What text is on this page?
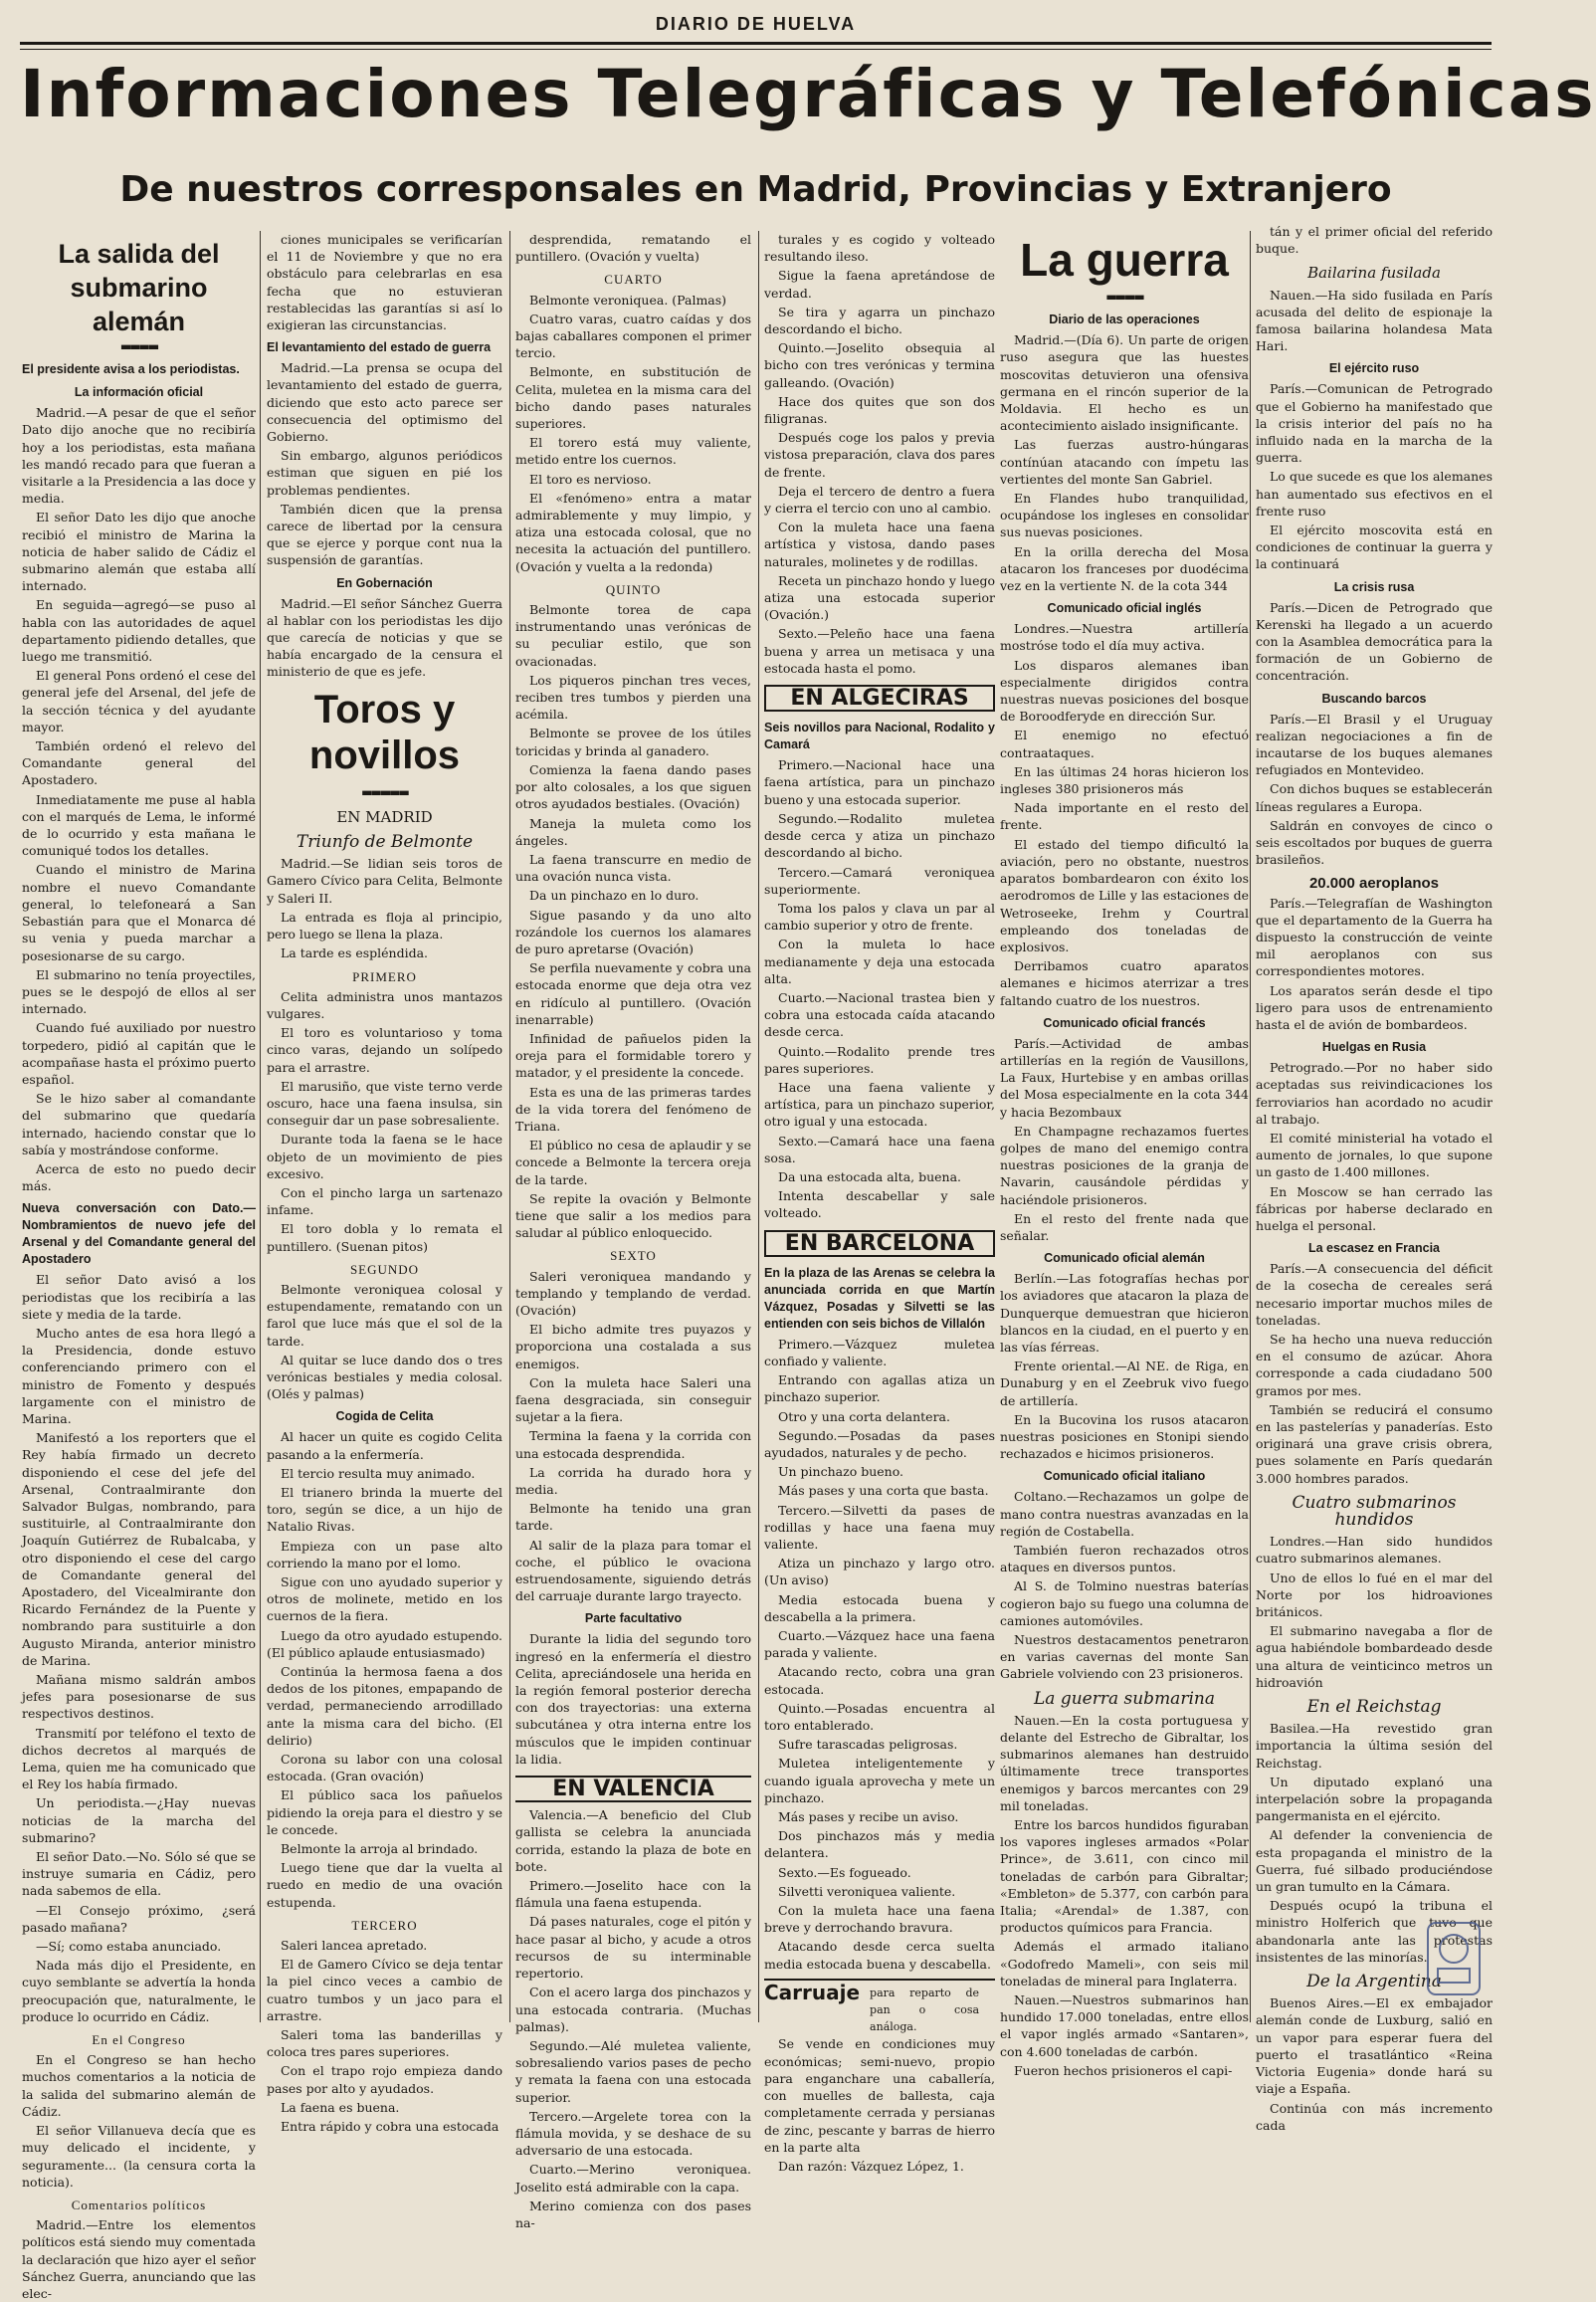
DIARIO DE HUELVA
Informaciones Telegráficas y Telefónicas
De nuestros corresponsales en Madrid, Provincias y Extranjero
La salida del submarino alemán
▬▬▬▬
El presidente avisa a los periodistas.
La información oficial

Madrid.—A pesar de que el señor Dato dijo anoche que no recibiría hoy a los periodistas, esta mañana les mandó recado para que fueran a visitarle a la Presidencia a las doce y media.

El señor Dato les dijo que anoche recibió el ministro de Marina la noticia de haber salido de Cádiz el submarino alemán que estaba allí internado.

En seguida—agregó—se puso al habla con las autoridades de aquel departamento pidiendo detalles, que luego me transmitió.

El general Pons ordenó el cese del general jefe del Arsenal, del jefe de la sección técnica y del ayudante mayor.

También ordenó el relevo del Comandante general del Apostadero.

Inmediatamente me puse al habla con el marqués de Lema, le informé de lo ocurrido y esta mañana le comuniqué todos los detalles.

Cuando el ministro de Marina nombre el nuevo Comandante general, lo telefoneará a San Sebastián para que el Monarca dé su venia y pueda marchar a posesionarse de su cargo.

El submarino no tenía proyectiles, pues se le despojó de ellos al ser internado.

Cuando fué auxiliado por nuestro torpedero, pidió al capitán que le acompañase hasta el próximo puerto español.

Se le hizo saber al comandante del submarino que quedaría internado, haciendo constar que lo sabía y mostrándose conforme.

Acerca de esto no puedo decir más.

Nueva conversación con Dato.—Nombramientos de nuevo jefe del Arsenal y del Comandante general del Apostadero

El señor Dato avisó a los periodistas que los recibiría a las siete y media de la tarde.

Mucho antes de esa hora llegó a la Presidencia, donde estuvo conferenciando primero con el ministro de Fomento y después largamente con el ministro de Marina.

Manifestó a los reporters que el Rey había firmado un decreto disponiendo el cese del jefe del Arsenal, Contraalmirante don Salvador Bulgas, nombrando, para sustituirle, al Contraalmirante don Joaquín Gutiérrez de Rubalcaba, y otro disponiendo el cese del cargo de Comandante general del Apostadero, del Vicealmirante don Ricardo Fernández de la Puente y nombrando para sustituirle a don Augusto Miranda, anterior ministro de Marina.

Mañana mismo saldrán ambos jefes para posesionarse de sus respectivos destinos.

Transmití por teléfono el texto de dichos decretos al marqués de Lema, quien me ha comunicado que el Rey los había firmado.

Un periodista.—¿Hay nuevas noticias de la marcha del submarino?

El señor Dato.—No. Sólo sé que se instruye sumaria en Cádiz, pero nada sabemos de ella.

—El Consejo próximo, ¿será pasado mañana?

—Sí; como estaba anunciado.

Nada más dijo el Presidente, en cuyo semblante se advertía la honda preocupación que, naturalmente, le produce lo ocurrido en Cádiz.

En el Congreso

En el Congreso se han hecho muchos comentarios a la noticia de la salida del submarino alemán de Cádiz.

El señor Villanueva decía que es muy delicado el incidente, y seguramente... (la censura corta la noticia).

Comentarios políticos

Madrid.—Entre los elementos políticos está siendo muy comentada la declaración que hizo ayer el señor Sánchez Guerra, anunciando que las elec-

ciones municipales se verificarían el 11 de Noviembre y que no era obstáculo para celebrarlas en esa fecha que no estuvieran restablecidas las garantías si así lo exigieran las circunstancias.

El levantamiento del estado de guerra

Madrid.—La prensa se ocupa del levantamiento del estado de guerra, diciendo que esto acto parece ser consecuencia del optimismo del Gobierno.

Sin embargo, algunos periódicos estiman que siguen en pié los problemas pendientes.

También dicen que la prensa carece de libertad por la censura que se ejerce y porque cont nua la suspensión de garantías.

En Gobernación

Madrid.—El señor Sánchez Guerra al hablar con los periodistas les dijo que carecía de noticias y que se había encargado de la censura el ministerio de que es jefe.

Toros y novillos
▬▬▬▬▬
EN MADRID
Triunfo de Belmonte

Madrid.—Se lidian seis toros de Gamero Cívico para Celita, Belmonte y Saleri II.

La entrada es floja al principio, pero luego se llena la plaza.

La tarde es espléndida.

PRIMERO

Celita administra unos mantazos vulgares.

El toro es voluntarioso y toma cinco varas, dejando un solípedo para el arrastre.

El marusiño, que viste terno verde oscuro, hace una faena insulsa, sin conseguir dar un pase sobresaliente.

Durante toda la faena se le hace objeto de un movimiento de pies excesivo.

Con el pincho larga un sartenazo infame.

El toro dobla y lo remata el puntillero. (Suenan pitos)

SEGUNDO

Belmonte veroniquea colosal y estupendamente, rematando con un farol que luce más que el sol de la tarde.

Al quitar se luce dando dos o tres verónicas bestiales y media colosal. (Olés y palmas)

Cogida de Celita

Al hacer un quite es cogido Celita pasando a la enfermería.

El tercio resulta muy animado.

El trianero brinda la muerte del toro, según se dice, a un hijo de Natalio Rivas.

Empieza con un pase alto corriendo la mano por el lomo.

Sigue con uno ayudado superior y otros de molinete, metido en los cuernos de la fiera.

Luego da otro ayudado estupendo. (El público aplaude entusiasmado)

Continúa la hermosa faena a dos dedos de los pitones, empapando de verdad, permaneciendo arrodillado ante la misma cara del bicho. (El delirio)

Corona su labor con una colosal estocada. (Gran ovación)

El público saca los pañuelos pidiendo la oreja para el diestro y se le concede.

Belmonte la arroja al brindado.

Luego tiene que dar la vuelta al ruedo en medio de una ovación estupenda.

TERCERO

Saleri lancea apretado.

El de Gamero Cívico se deja tentar la piel cinco veces a cambio de cuatro tumbos y un jaco para el arrastre.

Saleri toma las banderillas y coloca tres pares superiores.

Con el trapo rojo empieza dando pases por alto y ayudados.

La faena es buena.

Entra rápido y cobra una estocada

desprendida, rematando el puntillero. (Ovación y vuelta)

CUARTO

Belmonte veroniquea. (Palmas)

Cuatro varas, cuatro caídas y dos bajas caballares componen el primer tercio.

Belmonte, en substitución de Celita, muletea en la misma cara del bicho dando pases naturales superiores.

El torero está muy valiente, metido entre los cuernos.

El toro es nervioso.

El «fenómeno» entra a matar admirablemente y muy limpio, y atiza una estocada colosal, que no necesita la actuación del puntillero. (Ovación y vuelta a la redonda)

QUINTO

Belmonte torea de capa instrumentando unas verónicas de su peculiar estilo, que son ovacionadas.

Los piqueros pinchan tres veces, reciben tres tumbos y pierden una acémila.

Belmonte se provee de los útiles toricidas y brinda al ganadero.

Comienza la faena dando pases por alto colosales, a los que siguen otros ayudados bestiales. (Ovación)

Maneja la muleta como los ángeles.

La faena transcurre en medio de una ovación nunca vista.

Da un pinchazo en lo duro.

Sigue pasando y da uno alto rozándole los cuernos los alamares de puro apretarse (Ovación)

Se perfila nuevamente y cobra una estocada enorme que deja otra vez en ridículo al puntillero. (Ovación inenarrable)

Infinidad de pañuelos piden la oreja para el formidable torero y matador, y el presidente la concede.

Esta es una de las primeras tardes de la vida torera del fenómeno de Triana.

El público no cesa de aplaudir y se concede a Belmonte la tercera oreja de la tarde.

Se repite la ovación y Belmonte tiene que salir a los medios para saludar al público enloquecido.

SEXTO

Saleri veroniquea mandando y templando y templando de verdad. (Ovación)

El bicho admite tres puyazos y proporciona una costalada a sus enemigos.

Con la muleta hace Saleri una faena desgraciada, sin conseguir sujetar a la fiera.

Termina la faena y la corrida con una estocada desprendida.

La corrida ha durado hora y media.

Belmonte ha tenido una gran tarde.

Al salir de la plaza para tomar el coche, el público le ovaciona estruendosamente, siguiendo detrás del carruaje durante largo trayecto.

Parte facultativo

Durante la lidia del segundo toro ingresó en la enfermería el diestro Celita, apreciándosele una herida en la región femoral posterior derecha con dos trayectorias: una externa subcutánea y otra interna entre los músculos que le impiden continuar la lidia.

EN VALENCIA

Valencia.—A beneficio del Club gallista se celebra la anunciada corrida, estando la plaza de bote en bote.

Primero.—Joselito hace con la flámula una faena estupenda.

Dá pases naturales, coge el pitón y hace pasar al bicho, y acude a otros recursos de su interminable repertorio.

Con el acero larga dos pinchazos y una estocada contraria. (Muchas palmas).

Segundo.—Alé muletea valiente, sobresaliendo varios pases de pecho y remata la faena con una estocada superior.

Tercero.—Argelete torea con la flámula movida, y se deshace de su adversario de una estocada.

Cuarto.—Merino veroniquea. Joselito está admirable con la capa.

Merino comienza con dos pases na-

turales y es cogido y volteado resultando ileso.

Sigue la faena apretándose de verdad.

Se tira y agarra un pinchazo descordando el bicho.

Quinto.—Joselito obsequia al bicho con tres verónicas y termina galleando. (Ovación)

Hace dos quites que son dos filigranas.

Después coge los palos y previa vistosa preparación, clava dos pares de frente.

Deja el tercero de dentro a fuera y cierra el tercio con uno al cambio.

Con la muleta hace una faena artística y vistosa, dando pases naturales, molinetes y de rodillas.

Receta un pinchazo hondo y luego atiza una estocada superior (Ovación.)

Sexto.—Peleño hace una faena buena y arrea un metisaca y una estocada hasta el pomo.

EN ALGECIRAS
Seis novillos para Nacional, Rodalito y Camará

Primero.—Nacional hace una faena artística, para un pinchazo bueno y una estocada superior.

Segundo.—Rodalito muletea desde cerca y atiza un pinchazo descordando al bicho.

Tercero.—Camará veroniquea superiormente.

Toma los palos y clava un par al cambio superior y otro de frente.

Con la muleta lo hace medianamente y deja una estocada alta.

Cuarto.—Nacional trastea bien y cobra una estocada caída atacando desde cerca.

Quinto.—Rodalito prende tres pares superiores.

Hace una faena valiente y artística, para un pinchazo superior, otro igual y una estocada.

Sexto.—Camará hace una faena sosa.

Da una estocada alta, buena.

Intenta descabellar y sale volteado.

EN BARCELONA
En la plaza de las Arenas se celebra la anunciada corrida en que Martín Vázquez, Posadas y Silvetti se las entienden con seis bichos de Villalón

Primero.—Vázquez muletea confiado y valiente.

Entrando con agallas atiza un pinchazo superior.

Otro y una corta delantera.

Segundo.—Posadas da pases ayudados, naturales y de pecho.

Un pinchazo bueno.

Más pases y una corta que basta.

Tercero.—Silvetti da pases de rodillas y hace una faena muy valiente.

Atiza un pinchazo y largo otro. (Un aviso)

Media estocada buena y descabella a la primera.

Cuarto.—Vázquez hace una faena parada y valiente.

Atacando recto, cobra una gran estocada.

Quinto.—Posadas encuentra al toro entablerado.

Sufre tarascadas peligrosas.

Muletea inteligentemente y cuando iguala aprovecha y mete un pinchazo.

Más pases y recibe un aviso.

Dos pinchazos más y media delantera.

Sexto.—Es fogueado.

Silvetti veroniquea valiente.

Con la muleta hace una faena breve y derrochando bravura.

Atacando desde cerca suelta media estocada buena y descabella.

Carruaje para reparto de pan o cosa análoga.

Se vende en condiciones muy económicas; semi-nuevo, propio para enganchare una caballería, con muelles de ballesta, caja completamente cerrada y persianas de zinc, pescante y barras de hierro en la parte alta

Dan razón: Vázquez López, 1.

La guerra
▬▬▬▬
Diario de las operaciones

Madrid.—(Día 6). Un parte de origen ruso asegura que las huestes moscovitas detuvieron una ofensiva germana en el rincón superior de la Moldavia. El hecho es un acontecimiento aislado insignificante.

Las fuerzas austro-húngaras contínúan atacando con ímpetu las vertientes del monte San Gabriel.

En Flandes hubo tranquilidad, ocupándose los ingleses en consolidar sus nuevas posiciones.

En la orilla derecha del Mosa atacaron los franceses por duodécima vez en la vertiente N. de la cota 344

Comunicado oficial inglés

Londres.—Nuestra artillería mostróse todo el día muy activa.

Los disparos alemanes iban especialmente dirigidos contra nuestras nuevas posiciones del bosque de Boroodferyde en dirección Sur.

El enemigo no efectuó contraataques.

En las últimas 24 horas hicieron los ingleses 380 prisioneros más

Nada importante en el resto del frente.

El estado del tiempo dificultó la aviación, pero no obstante, nuestros aparatos bombardearon con éxito los aerodromos de Lille y las estaciones de Wetroseeke, Irehm y Courtral empleando dos toneladas de explosivos.

Derribamos cuatro aparatos alemanes e hicimos aterrizar a tres faltando cuatro de los nuestros.

Comunicado oficial francés

París.—Actividad de ambas artillerías en la región de Vausillons, La Faux, Hurtebise y en ambas orillas del Mosa especialmente en la cota 344 y hacia Bezombaux

En Champagne rechazamos fuertes golpes de mano del enemigo contra nuestras posiciones de la granja de Navarin, causándole pérdidas y haciéndole prisioneros.

En el resto del frente nada que señalar.

Comunicado oficial alemán

Berlín.—Las fotografías hechas por los aviadores que atacaron la plaza de Dunquerque demuestran que hicieron blancos en la ciudad, en el puerto y en las vías férreas.

Frente oriental.—Al NE. de Riga, en Dunaburg y en el Zeebruk vivo fuego de artillería.

En la Bucovina los rusos atacaron nuestras posiciones en Stonipi siendo rechazados e hicimos prisioneros.

Comunicado oficial italiano

Coltano.—Rechazamos un golpe de mano contra nuestras avanzadas en la región de Costabella.

También fueron rechazados otros ataques en diversos puntos.

Al S. de Tolmino nuestras baterías cogieron bajo su fuego una columna de camiones automóviles.

Nuestros destacamentos penetraron en varias cavernas del monte San Gabriele volviendo con 23 prisioneros.

La guerra submarina

Nauen.—En la costa portuguesa y delante del Estrecho de Gibraltar, los submarinos alemanes han destruido últimamente trece transportes enemigos y barcos mercantes con 29 mil toneladas.

Entre los barcos hundidos figuraban los vapores ingleses armados «Polar Prince», de 3.611, con cinco mil toneladas de carbón para Gibraltar; «Embleton» de 5.377, con carbón para Italia; «Arendal» de 1.387, con productos químicos para Francia.

Además el armado italiano «Godofredo Mameli», con seis mil toneladas de mineral para Inglaterra.

Nauen.—Nuestros submarinos han hundido 17.000 toneladas, entre ellos el vapor inglés armado «Santaren», con 4.600 toneladas de carbón.

Fueron hechos prisioneros el capi-

tán y el primer oficial del referido buque.

Bailarina fusilada

Nauen.—Ha sido fusilada en París acusada del delito de espionaje la famosa bailarina holandesa Mata Hari.

El ejército ruso

París.—Comunican de Petrogrado que el Gobierno ha manifestado que la crisis interior del país no ha influido nada en la marcha de la guerra.

Lo que sucede es que los alemanes han aumentado sus efectivos en el frente ruso

El ejército moscovita está en condiciones de continuar la guerra y la continuará

La crisis rusa

París.—Dicen de Petrogrado que Kerenski ha llegado a un acuerdo con la Asamblea democrática para la formación de un Gobierno de concentración.

Buscando barcos

París.—El Brasil y el Uruguay realizan negociaciones a fin de incautarse de los buques alemanes refugiados en Montevideo.

Con dichos buques se establecerán líneas regulares a Europa.

Saldrán en convoyes de cinco o seis escoltados por buques de guerra brasileños.

20.000 aeroplanos

París.—Telegrafían de Washington que el departamento de la Guerra ha dispuesto la construcción de veinte mil aeroplanos con sus correspondientes motores.

Los aparatos serán desde el tipo ligero para usos de entrenamiento hasta el de avión de bombardeos.

Huelgas en Rusia

Petrogrado.—Por no haber sido aceptadas sus reivindicaciones los ferroviarios han acordado no acudir al trabajo.

El comité ministerial ha votado el aumento de jornales, lo que supone un gasto de 1.400 millones.

En Moscow se han cerrado las fábricas por haberse declarado en huelga el personal.

La escasez en Francia

París.—A consecuencia del déficit de la cosecha de cereales será necesario importar muchos miles de toneladas.

Se ha hecho una nueva reducción en el consumo de azúcar. Ahora corresponde a cada ciudadano 500 gramos por mes.

También se reducirá el consumo en las pastelerías y panaderías. Esto originará una grave crisis obrera, pues solamente en París quedarán 3.000 hombres parados.

Cuatro submarinos hundidos

Londres.—Han sido hundidos cuatro submarinos alemanes.

Uno de ellos lo fué en el mar del Norte por los hidroaviones británicos.

El submarino navegaba a flor de agua habiéndole bombardeado desde una altura de veinticinco metros un hidroavión

En el Reichstag

Basilea.—Ha revestido gran importancia la última sesión del Reichstag.

Un diputado explanó una interpelación sobre la propaganda pangermanista en el ejército.

Al defender la conveniencia de esta propaganda el ministro de la Guerra, fué silbado produciéndose un gran tumulto en la Cámara.

Después ocupó la tribuna el ministro Holferich que tuvo que abandonarla ante las protestas insistentes de las minorías.

De la Argentina

Buenos Aires.—El ex embajador alemán conde de Luxburg, salió en un vapor para esperar fuera del puerto el trasatlántico «Reina Victoria Eugenia» donde hará su viaje a España.

Continúa con más incremento cada
